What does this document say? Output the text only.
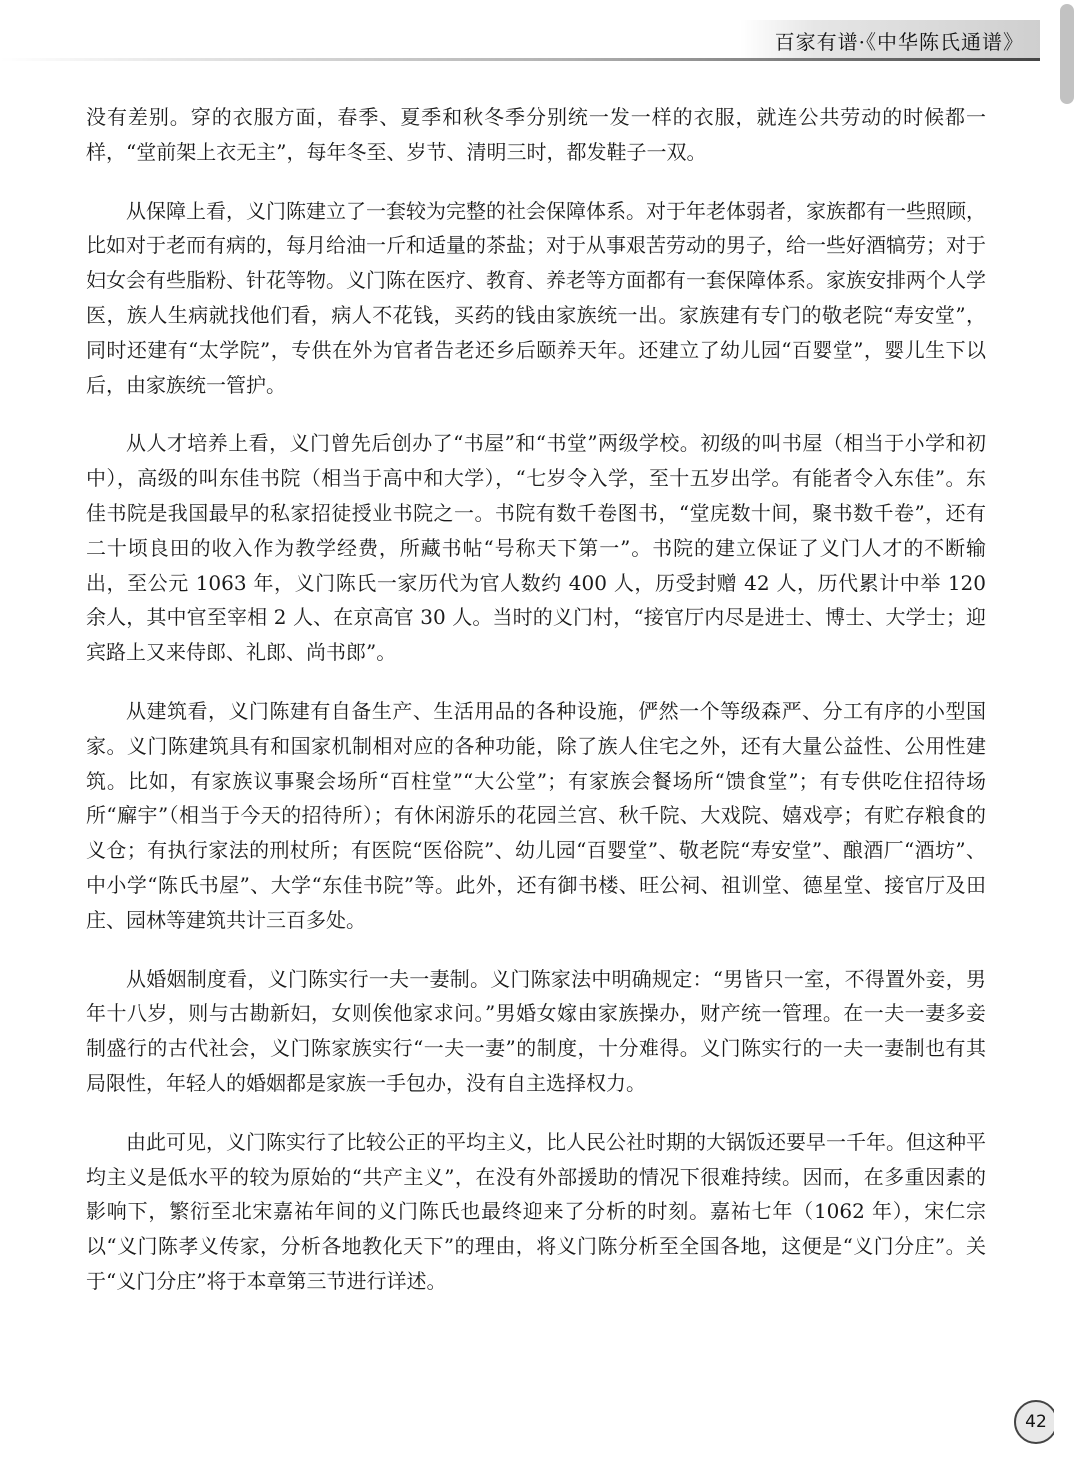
百家有谱·《中华陈氏通谱》

没有差别。穿的衣服方面，春季、夏季和秋冬季分别统一发一样的衣服，就连公共劳动的时候都一样，“堂前架上衣无主”，每年冬至、岁节、清明三时，都发鞋子一双。

从保障上看，义门陈建立了一套较为完整的社会保障体系。对于年老体弱者，家族都有一些照顾，比如对于老而有病的，每月给油一斤和适量的茶盐；对于从事艰苦劳动的男子，给一些好酒犒劳；对于妇女会有些脂粉、针花等物。义门陈在医疗、教育、养老等方面都有一套保障体系。家族安排两个人学医，族人生病就找他们看，病人不花钱，买药的钱由家族统一出。家族建有专门的敬老院“寿安堂”，同时还建有“太学院”，专供在外为官者告老还乡后颐养天年。还建立了幼儿园“百婴堂”，婴儿生下以后，由家族统一管护。

从人才培养上看，义门曾先后创办了“书屋”和“书堂”两级学校。初级的叫书屋（相当于小学和初中），高级的叫东佳书院（相当于高中和大学），“七岁令入学，至十五岁出学。有能者令入东佳”。东佳书院是我国最早的私家招徒授业书院之一。书院有数千卷图书，“堂庑数十间，聚书数千卷”，还有二十顷良田的收入作为教学经费，所藏书帖“号称天下第一”。书院的建立保证了义门人才的不断输出，至公元 1063 年，义门陈氏一家历代为官人数约 400 人，历受封赠 42 人，历代累计中举 120 余人，其中官至宰相 2 人、在京高官 30 人。当时的义门村，“接官厅内尽是进士、博士、大学士；迎宾路上又来侍郎、礼郎、尚书郎”。

从建筑看，义门陈建有自备生产、生活用品的各种设施，俨然一个等级森严、分工有序的小型国家。义门陈建筑具有和国家机制相对应的各种功能，除了族人住宅之外，还有大量公益性、公用性建筑。比如，有家族议事聚会场所“百柱堂”“大公堂”；有家族会餐场所“馈食堂”；有专供吃住招待场所“廨宇”（相当于今天的招待所）；有休闲游乐的花园兰宫、秋千院、大戏院、嬉戏亭；有贮存粮食的义仓；有执行家法的刑杖所；有医院“医俗院”、幼儿园“百婴堂”、敬老院“寿安堂”、酿酒厂“酒坊”、中小学“陈氏书屋”、大学“东佳书院”等。此外，还有御书楼、旺公祠、祖训堂、德星堂、接官厅及田庄、园林等建筑共计三百多处。

从婚姻制度看，义门陈实行一夫一妻制。义门陈家法中明确规定：“男皆只一室，不得置外妾，男年十八岁，则与古勘新妇，女则俟他家求问。”男婚女嫁由家族操办，财产统一管理。在一夫一妻多妾制盛行的古代社会，义门陈家族实行“一夫一妻”的制度，十分难得。义门陈实行的一夫一妻制也有其局限性，年轻人的婚姻都是家族一手包办，没有自主选择权力。

由此可见，义门陈实行了比较公正的平均主义，比人民公社时期的大锅饭还要早一千年。但这种平均主义是低水平的较为原始的“共产主义”，在没有外部援助的情况下很难持续。因而，在多重因素的影响下，繁衍至北宋嘉祐年间的义门陈氏也最终迎来了分析的时刻。嘉祐七年（1062 年），宋仁宗以“义门陈孝义传家，分析各地教化天下”的理由，将义门陈分析至全国各地，这便是“义门分庄”。关于“义门分庄”将于本章第三节进行详述。

42
